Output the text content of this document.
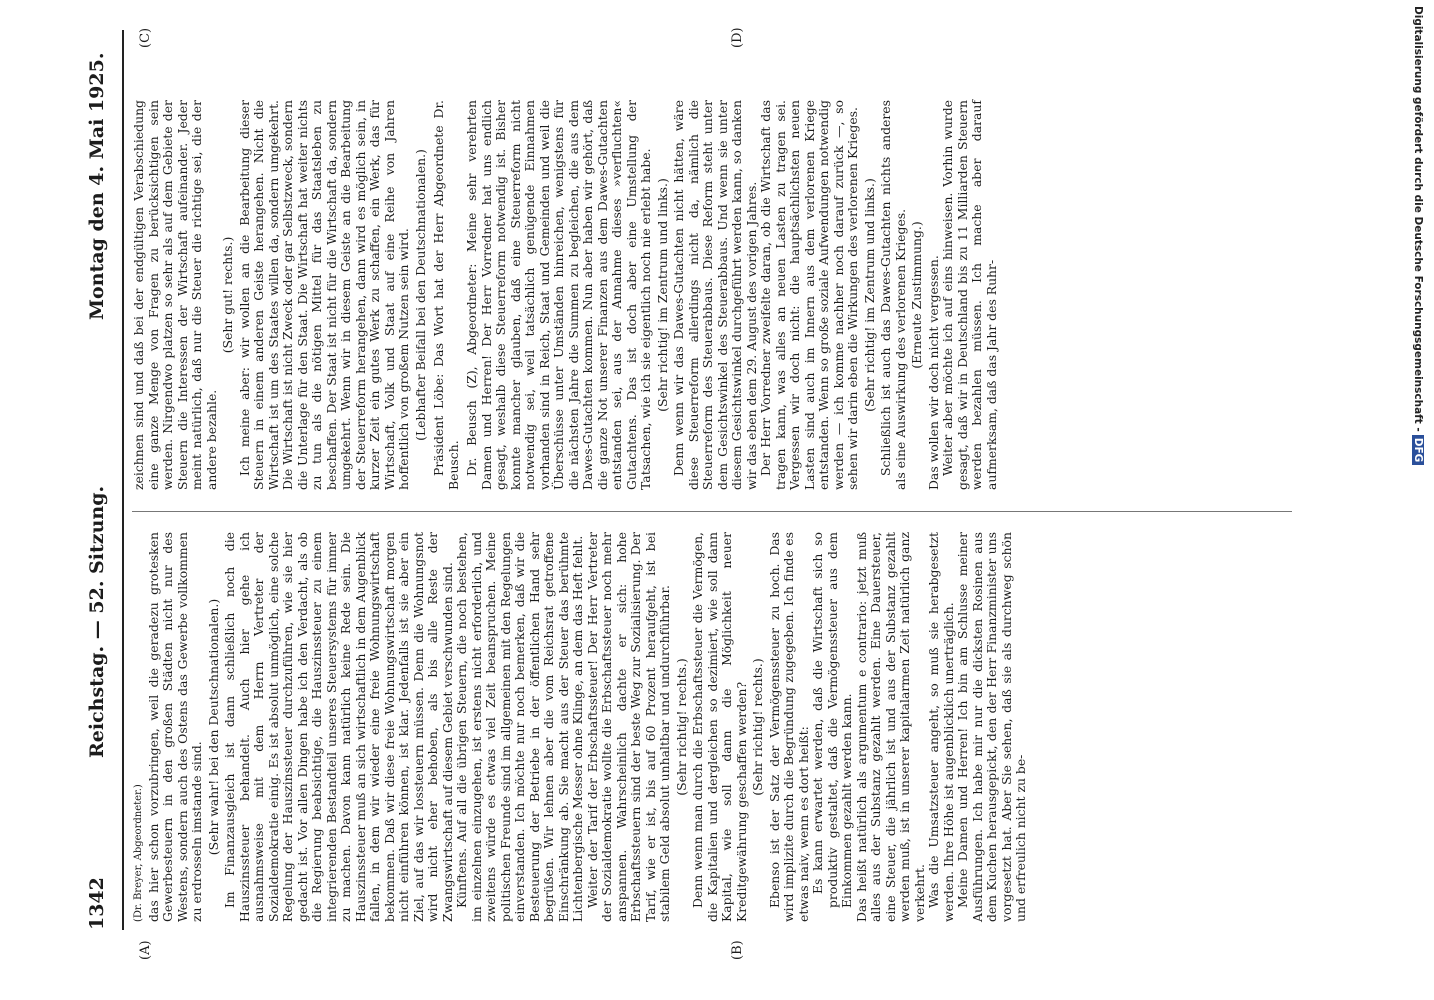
1342
Reichstag. — 52. Sitzung.
Montag den 4. Mai 1925.
(A)	(B)
(C)	(D)

(Dr. Breyer, Abgeordneter.) das hier schon vorzubringen, weil die geradezu grotesken Gewerbesteuern in den großen Städten nicht nur des Westens, sondern auch des Ostens das Gewerbe vollkommen zu erdrosseln imstande sind. (Sehr wahr! bei den Deutschnationalen.) Im Finanzausgleich ist dann schließlich noch die Hauszinssteuer behandelt. Auch hier gehe ich ausnahmsweise mit dem Herrn Vertreter der Sozialdemokratie einig. Es ist absolut unmöglich, eine solche Regelung der Hauszinssteuer durchzuführen, wie sie hier gedacht ist. Vor allen Dingen habe ich den Verdacht, als ob die Regierung beabsichtige, die Hauszinssteuer zu einem integrierenden Bestandteil unseres Steuersystems für immer zu machen. Davon kann natürlich keine Rede sein. Die Hauszinssteuer muß an sich wirtschaftlich in dem Augenblick fallen, in dem wir wieder eine freie Wohnungswirtschaft bekommen. Daß wir diese freie Wohnungswirtschaft morgen nicht einführen können, ist klar. Jedenfalls ist sie aber ein Ziel, auf das wir lossteuern müssen. Denn die Wohnungsnot wird nicht eher behoben, als bis alle Reste der Zwangswirtschaft auf diesem Gebiet verschwunden sind. Künftens. Auf all die übrigen Steuern, die noch bestehen, im einzelnen einzugehen, ist erstens nicht erforderlich, und zweitens würde es etwas viel Zeit beanspruchen. Meine politischen Freunde sind im allgemeinen mit den Regelungen einverstanden. Ich möchte nur noch bemerken, daß wir die Besteuerung der Betriebe in der öffentlichen Hand sehr begrüßen. Wir lehnen aber die vom Reichsrat getroffene Einschränkung ab. Sie macht aus der Steuer das berühmte Lichtenbergische Messer ohne Klinge, an dem das Heft fehlt. Weiter der Tarif der Erbschaftssteuer! Der Herr Vertreter der Sozialdemokratie wollte die Erbschaftssteuer noch mehr anspannen. Wahrscheinlich dachte er sich: hohe Erbschaftssteuern sind der beste Weg zur Sozialisierung. Der Tarif, wie er ist, bis auf 60 Prozent heraufgeht, ist bei stabilem Geld absolut unhaltbar und undurchführbar. (Sehr richtig! rechts.) Denn wenn man durch die Erbschaftssteuer die Vermögen, die Kapitalien und dergleichen so dezimiert, wie soll dann Kapital, wie soll dann die Möglichkeit neuer Kreditgewährung geschaffen werden? (Sehr richtig! rechts.) Ebenso ist der Satz der Vermögenssteuer zu hoch. Das wird implizite durch die Begründung zugegeben. Ich finde es etwas naiv, wenn es dort heißt: Es kann erwartet werden, daß die Wirtschaft sich so produktiv gestaltet, daß die Vermögenssteuer aus dem Einkommen gezahlt werden kann. Das heißt natürlich als argumentum e contrario: jetzt muß alles aus der Substanz gezahlt werden. Eine Dauersteuer, eine Steuer, die jährlich ist und aus der Substanz gezahlt werden muß, ist in unserer kapitalarmen Zeit natürlich ganz verkehrt. Was die Umsatzsteuer angeht, so muß sie herabgesetzt werden. Ihre Höhe ist augenblicklich unerträglich. Meine Damen und Herren! Ich bin am Schlusse meiner Ausführungen. Ich habe mir nur die dicksten Rosinen aus dem Kuchen herausgepickt, den der Herr Finanzminister uns vorgesetzt hat. Aber Sie sehen, daß sie als durchweg schön und erfreulich nicht zu be-

zeichnen sind und daß bei der endgültigen Verabschiedung eine ganze Menge von Fragen zu berücksichtigen sein werden. Nirgendwo platzen so sehr als auf dem Gebiete der Steuern die Interessen der Wirtschaft aufeinander. Jeder meint natürlich, daß nur die Steuer die richtige sei, die der andere bezahle.

(Sehr gut! rechts.) Ich meine aber: wir wollen an die Bearbeitung dieser Steuern in einem anderen Geiste herangehen. Nicht die Wirtschaft ist um des Staates willen da, sondern umgekehrt. Die Wirtschaft ist nicht Zweck oder gar Selbstzweck, sondern die Unterlage für den Staat. Die Wirtschaft hat weiter nichts zu tun als die nötigen Mittel für das Staatsleben zu beschaffen. Der Staat ist nicht für die Wirtschaft da, sondern umgekehrt. Wenn wir in diesem Geiste an die Bearbeitung der Steuerreform herangehen, dann wird es möglich sein, in kurzer Zeit ein gutes Werk zu schaffen, ein Werk, das für Wirtschaft, Volk und Staat auf eine Reihe von Jahren hoffentlich von großem Nutzen sein wird. (Lebhafter Beifall bei den Deutschnationalen.) Präsident Löbe: Das Wort hat der Herr Abgeordnete Dr. Beusch. Dr. Beusch (Z), Abgeordneter: Meine sehr verehrten Damen und Herren! Der Herr Vorredner hat uns endlich gesagt, weshalb diese Steuerreform notwendig ist. Bisher konnte mancher glauben, daß eine Steuerreform nicht notwendig sei, weil tatsächlich genügende Einnahmen vorhanden sind in Reich, Staat und Gemeinden und weil die Überschüsse unter Umständen hinreichen, wenigstens für die nächsten Jahre die Summen zu begleichen, die aus dem Dawes-Gutachten kommen. Nun aber haben wir gehört, daß die ganze Not unserer Finanzen aus dem Dawes-Gutachten entstanden sei, aus der Annahme dieses »verfluchten« Gutachtens. Das ist doch aber eine Umstellung der Tatsachen, wie ich sie eigentlich noch nie erlebt habe. (Sehr richtig! im Zentrum und links.) Denn wenn wir das Dawes-Gutachten nicht hätten, wäre diese Steuerreform allerdings nicht da, nämlich die Steuerreform des Steuerabbaus. Diese Reform steht unter dem Gesichtswinkel des Steuerabbaus. Und wenn sie unter diesem Gesichtswinkel durchgeführt werden kann, so danken wir das eben dem 29. August des vorigen Jahres. Der Herr Vorredner zweifelte daran, ob die Wirtschaft das tragen kann, was alles an neuen Lasten zu tragen sei. Vergessen wir doch nicht: die hauptsächlichsten neuen Lasten sind auch im Innern aus dem verlorenen Kriege entstanden. Wenn so große soziale Aufwendungen notwendig werden — ich komme nachher noch darauf zurück —, so sehen wir darin eben die Wirkungen des verlorenen Krieges. (Sehr richtig! im Zentrum und links.) Schließlich ist auch das Dawes-Gutachten nichts anderes als eine Auswirkung des verlorenen Krieges. (Erneute Zustimmung.) Das wollen wir doch nicht vergessen. Weiter aber möchte ich auf eins hinweisen. Vorhin wurde gesagt, daß wir in Deutschland bis zu 11 Milliarden Steuern werden bezahlen müssen. Ich mache aber darauf aufmerksam, daß das Jahr des Ruhr-	Digitalisierung gefördert durch die Deutsche Forschungsgemeinschaft -DFG
